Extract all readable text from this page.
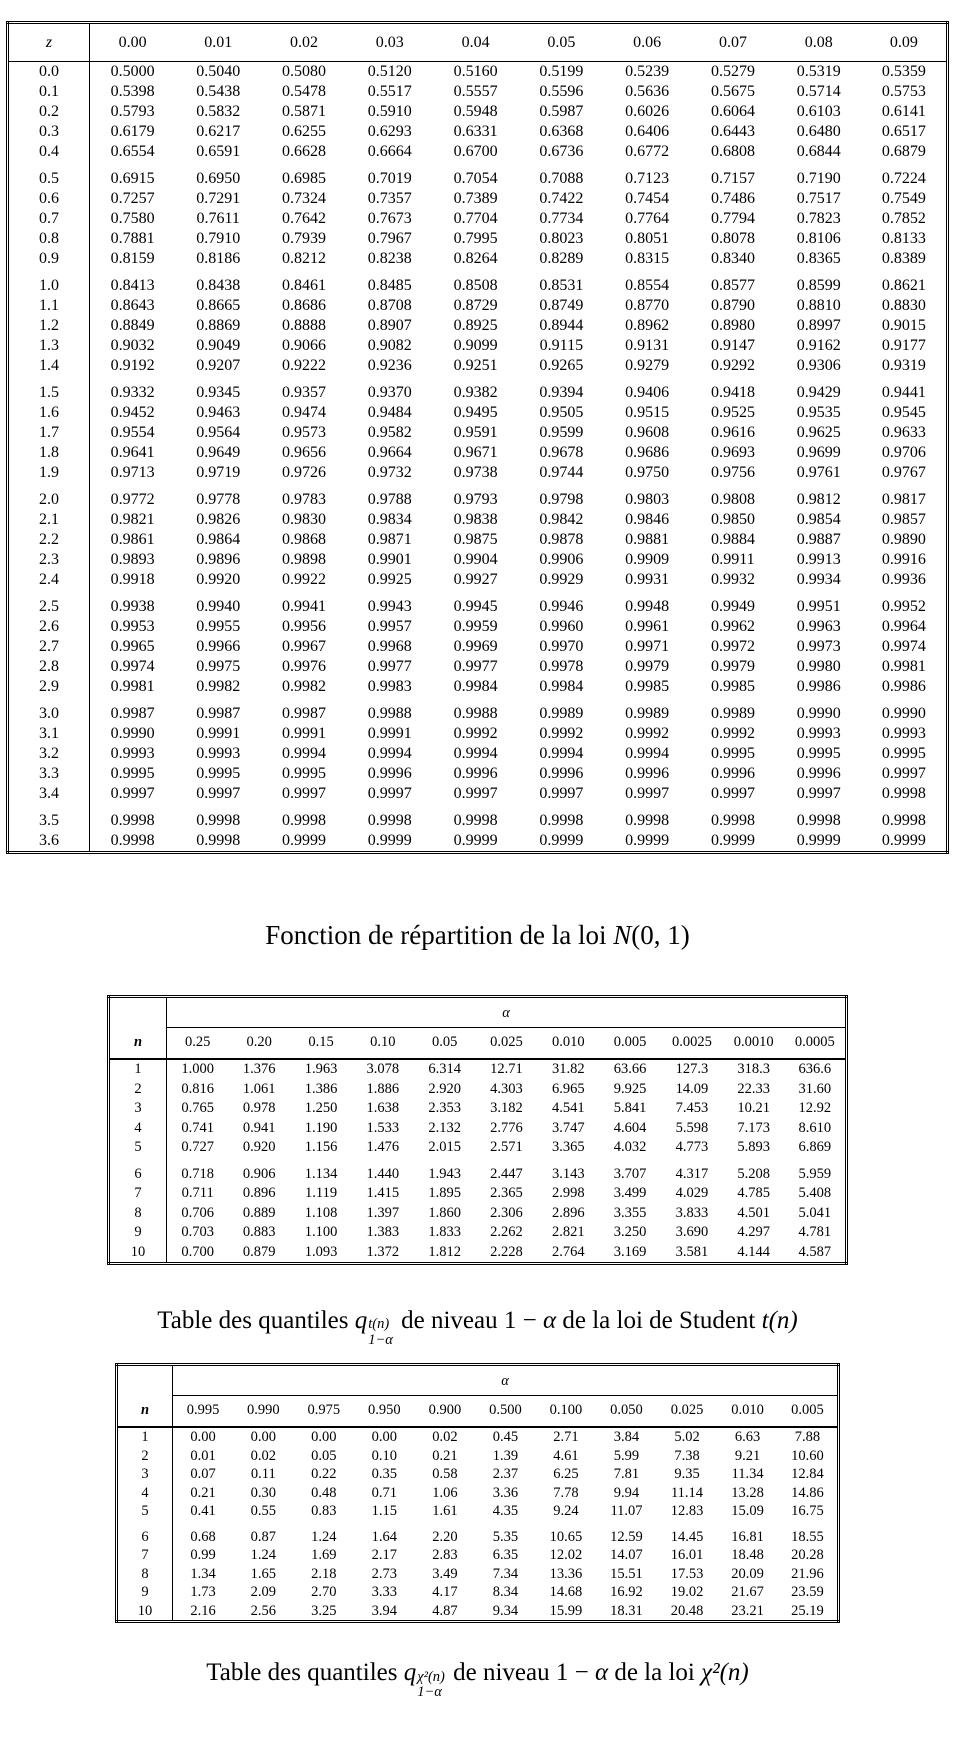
z	0.00	0.01	0.02	0.03	0.04	0.05	0.06	0.07	0.08	0.09
0.0	0.5000	0.5040	0.5080	0.5120	0.5160	0.5199	0.5239	0.5279	0.5319	0.5359
0.1	0.5398	0.5438	0.5478	0.5517	0.5557	0.5596	0.5636	0.5675	0.5714	0.5753
0.2	0.5793	0.5832	0.5871	0.5910	0.5948	0.5987	0.6026	0.6064	0.6103	0.6141
0.3	0.6179	0.6217	0.6255	0.6293	0.6331	0.6368	0.6406	0.6443	0.6480	0.6517
0.4	0.6554	0.6591	0.6628	0.6664	0.6700	0.6736	0.6772	0.6808	0.6844	0.6879
0.5	0.6915	0.6950	0.6985	0.7019	0.7054	0.7088	0.7123	0.7157	0.7190	0.7224
0.6	0.7257	0.7291	0.7324	0.7357	0.7389	0.7422	0.7454	0.7486	0.7517	0.7549
0.7	0.7580	0.7611	0.7642	0.7673	0.7704	0.7734	0.7764	0.7794	0.7823	0.7852
0.8	0.7881	0.7910	0.7939	0.7967	0.7995	0.8023	0.8051	0.8078	0.8106	0.8133
0.9	0.8159	0.8186	0.8212	0.8238	0.8264	0.8289	0.8315	0.8340	0.8365	0.8389
1.0	0.8413	0.8438	0.8461	0.8485	0.8508	0.8531	0.8554	0.8577	0.8599	0.8621
1.1	0.8643	0.8665	0.8686	0.8708	0.8729	0.8749	0.8770	0.8790	0.8810	0.8830
1.2	0.8849	0.8869	0.8888	0.8907	0.8925	0.8944	0.8962	0.8980	0.8997	0.9015
1.3	0.9032	0.9049	0.9066	0.9082	0.9099	0.9115	0.9131	0.9147	0.9162	0.9177
1.4	0.9192	0.9207	0.9222	0.9236	0.9251	0.9265	0.9279	0.9292	0.9306	0.9319
1.5	0.9332	0.9345	0.9357	0.9370	0.9382	0.9394	0.9406	0.9418	0.9429	0.9441
1.6	0.9452	0.9463	0.9474	0.9484	0.9495	0.9505	0.9515	0.9525	0.9535	0.9545
1.7	0.9554	0.9564	0.9573	0.9582	0.9591	0.9599	0.9608	0.9616	0.9625	0.9633
1.8	0.9641	0.9649	0.9656	0.9664	0.9671	0.9678	0.9686	0.9693	0.9699	0.9706
1.9	0.9713	0.9719	0.9726	0.9732	0.9738	0.9744	0.9750	0.9756	0.9761	0.9767
2.0	0.9772	0.9778	0.9783	0.9788	0.9793	0.9798	0.9803	0.9808	0.9812	0.9817
2.1	0.9821	0.9826	0.9830	0.9834	0.9838	0.9842	0.9846	0.9850	0.9854	0.9857
2.2	0.9861	0.9864	0.9868	0.9871	0.9875	0.9878	0.9881	0.9884	0.9887	0.9890
2.3	0.9893	0.9896	0.9898	0.9901	0.9904	0.9906	0.9909	0.9911	0.9913	0.9916
2.4	0.9918	0.9920	0.9922	0.9925	0.9927	0.9929	0.9931	0.9932	0.9934	0.9936
2.5	0.9938	0.9940	0.9941	0.9943	0.9945	0.9946	0.9948	0.9949	0.9951	0.9952
2.6	0.9953	0.9955	0.9956	0.9957	0.9959	0.9960	0.9961	0.9962	0.9963	0.9964
2.7	0.9965	0.9966	0.9967	0.9968	0.9969	0.9970	0.9971	0.9972	0.9973	0.9974
2.8	0.9974	0.9975	0.9976	0.9977	0.9977	0.9978	0.9979	0.9979	0.9980	0.9981
2.9	0.9981	0.9982	0.9982	0.9983	0.9984	0.9984	0.9985	0.9985	0.9986	0.9986
3.0	0.9987	0.9987	0.9987	0.9988	0.9988	0.9989	0.9989	0.9989	0.9990	0.9990
3.1	0.9990	0.9991	0.9991	0.9991	0.9992	0.9992	0.9992	0.9992	0.9993	0.9993
3.2	0.9993	0.9993	0.9994	0.9994	0.9994	0.9994	0.9994	0.9995	0.9995	0.9995
3.3	0.9995	0.9995	0.9995	0.9996	0.9996	0.9996	0.9996	0.9996	0.9996	0.9997
3.4	0.9997	0.9997	0.9997	0.9997	0.9997	0.9997	0.9997	0.9997	0.9997	0.9998
3.5	0.9998	0.9998	0.9998	0.9998	0.9998	0.9998	0.9998	0.9998	0.9998	0.9998
3.6	0.9998	0.9998	0.9999	0.9999	0.9999	0.9999	0.9999	0.9999	0.9999	0.9999
Fonction de répartition de la loi N(0, 1)
	α										
n	0.25	0.20	0.15	0.10	0.05	0.025	0.010	0.005	0.0025	0.0010	0.0005
1	1.000	1.376	1.963	3.078	6.314	12.71	31.82	63.66	127.3	318.3	636.6
2	0.816	1.061	1.386	1.886	2.920	4.303	6.965	9.925	14.09	22.33	31.60
3	0.765	0.978	1.250	1.638	2.353	3.182	4.541	5.841	7.453	10.21	12.92
4	0.741	0.941	1.190	1.533	2.132	2.776	3.747	4.604	5.598	7.173	8.610
5	0.727	0.920	1.156	1.476	2.015	2.571	3.365	4.032	4.773	5.893	6.869
6	0.718	0.906	1.134	1.440	1.943	2.447	3.143	3.707	4.317	5.208	5.959
7	0.711	0.896	1.119	1.415	1.895	2.365	2.998	3.499	4.029	4.785	5.408
8	0.706	0.889	1.108	1.397	1.860	2.306	2.896	3.355	3.833	4.501	5.041
9	0.703	0.883	1.100	1.383	1.833	2.262	2.821	3.250	3.690	4.297	4.781
10	0.700	0.879	1.093	1.372	1.812	2.228	2.764	3.169	3.581	4.144	4.587
Table des quantiles q t(n)
1−α
de niveau 1 − α de la loi de Student t(n)
	α										
n	0.995	0.990	0.975	0.950	0.900	0.500	0.100	0.050	0.025	0.010	0.005
1	0.00	0.00	0.00	0.00	0.02	0.45	2.71	3.84	5.02	6.63	7.88
2	0.01	0.02	0.05	0.10	0.21	1.39	4.61	5.99	7.38	9.21	10.60
3	0.07	0.11	0.22	0.35	0.58	2.37	6.25	7.81	9.35	11.34	12.84
4	0.21	0.30	0.48	0.71	1.06	3.36	7.78	9.94	11.14	13.28	14.86
5	0.41	0.55	0.83	1.15	1.61	4.35	9.24	11.07	12.83	15.09	16.75
6	0.68	0.87	1.24	1.64	2.20	5.35	10.65	12.59	14.45	16.81	18.55
7	0.99	1.24	1.69	2.17	2.83	6.35	12.02	14.07	16.01	18.48	20.28
8	1.34	1.65	2.18	2.73	3.49	7.34	13.36	15.51	17.53	20.09	21.96
9	1.73	2.09	2.70	3.33	4.17	8.34	14.68	16.92	19.02	21.67	23.59
10	2.16	2.56	3.25	3.94	4.87	9.34	15.99	18.31	20.48	23.21	25.19
Table des quantiles q χ²(n)
1−α
de niveau 1 − α de la loi χ²(n)
